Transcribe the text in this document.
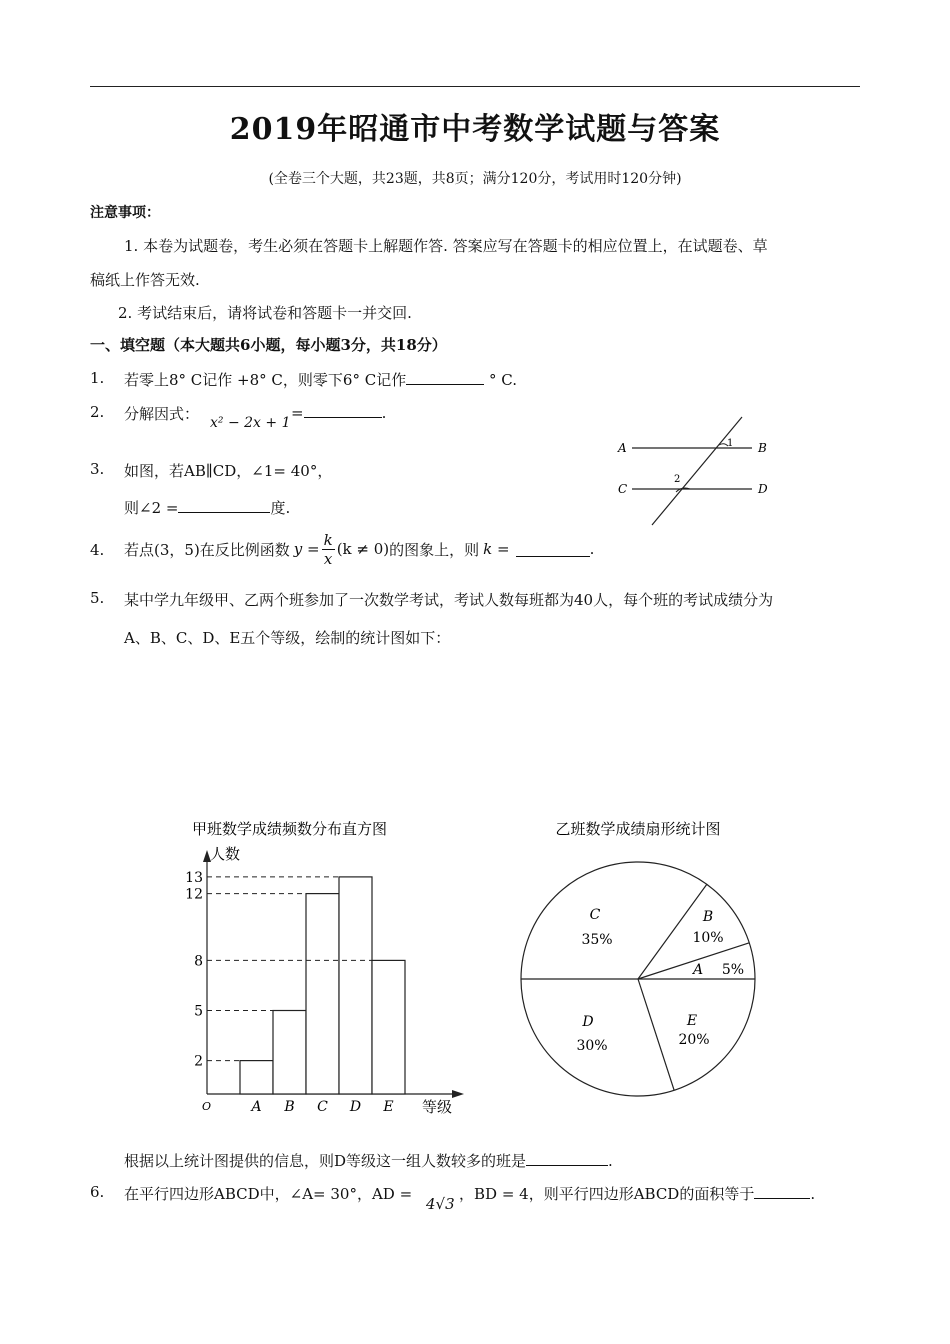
2019年昭通市中考数学试题与答案
(全卷三个大题，共23题，共8页；满分120分，考试用时120分钟)
注意事项：
1. 本卷为试题卷，考生必须在答题卡上解题作答. 答案应写在答题卡的相应位置上，在试题卷、草
稿纸上作答无效.
2. 考试结束后，请将试卷和答题卡一并交回.
一、填空题（本大题共6小题，每小题3分，共18分）
1. 若零上8° C记作 +8° C，则零下6° C记作	° C.
2. 分解因式： x² − 2x + 1
=	.
3. 如图，若AB∥CD，∠1= 40°，
则∠2 =	度.
A	B
C	D
1
2
4. 若点(3，5)在反比例函数 $y = \frac{k}{x} (k \ne 0)$ 的图象上，则 k =	.
5. 某中学九年级甲、乙两个班参加了一次数学考试，考试人数每班都为40人，每个班的考试成绩分为
A、B、C、D、E五个等级，绘制的统计图如下：
甲班数学成绩频数分布直方图
人数
等级
O	A B C D E
2
5
8
12
13
乙班数学成绩扇形统计图
A 5%
B
10%
C
35%
D
30%
E
20%
根据以上统计图提供的信息，则D等级这一组人数较多的班是	.
6. 在平行四边形ABCD中，∠A= 30°，AD =
4√3
，BD = 4，则平行四边形ABCD的面积等于	.
